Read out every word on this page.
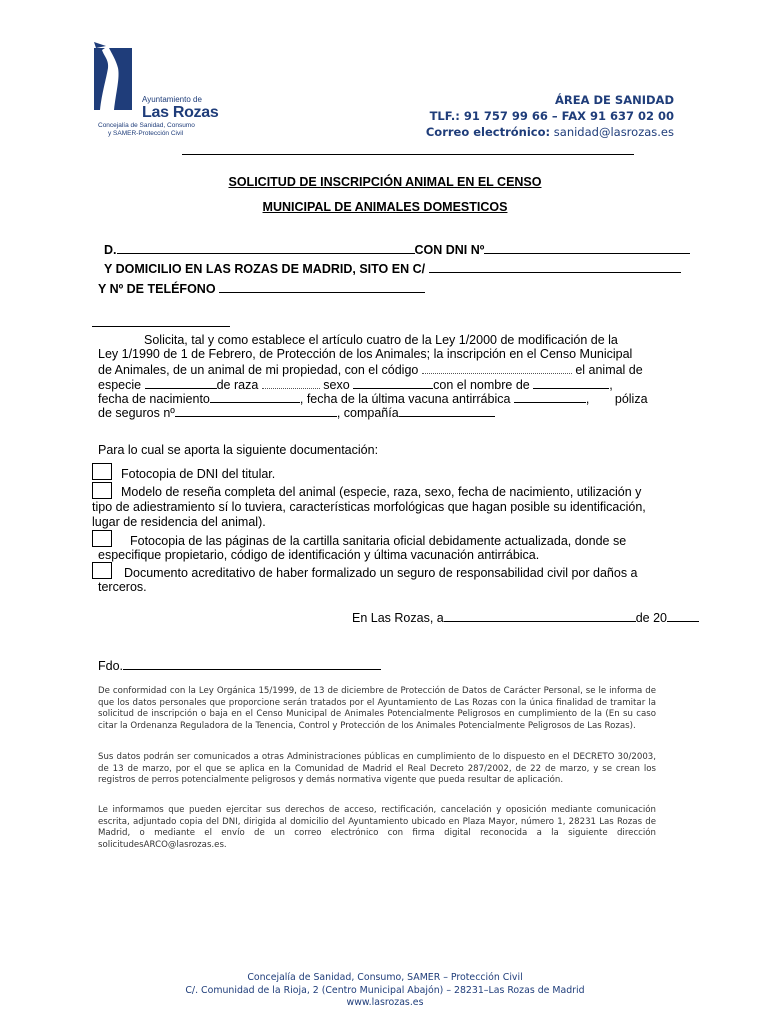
Ayuntamiento de
Las Rozas
Concejalía de Sanidad, Consumo
y SAMER-Protección Civil
ÁREA DE SANIDAD
TLF.: 91 757 99 66 – FAX 91 637 02 00
Correo electrónico: sanidad@lasrozas.es
SOLICITUD DE INSCRIPCIÓN ANIMAL EN EL CENSO
MUNICIPAL DE ANIMALES DOMESTICOS
D.	CON DNI Nº
Y DOMICILIO EN LAS ROZAS DE MADRID, SITO EN C/
Y Nº DE TELÉFONO
Solicita, tal y como establece el artículo cuatro de la Ley 1/2000 de modificación de la
Ley 1/1990 de 1 de Febrero, de Protección de los Animales; la inscripción en el Censo Municipal
de Animales, de un animal de mi propiedad, con el código	el animal de
especie	de raza	sexo	con el nombre de	,
fecha de nacimiento	, fecha de la última vacuna antirrábica	, póliza
de seguros nº	, compañía
Para lo cual se aporta la siguiente documentación:
Fotocopia de DNI del titular.
Modelo de reseña completa del animal (especie, raza, sexo, fecha de nacimiento, utilización y
tipo de adiestramiento sí lo tuviera, características morfológicas que hagan posible su identificación,
lugar de residencia del animal).
Fotocopia de las páginas de la cartilla sanitaria oficial debidamente actualizada, donde se
especifique propietario, código de identificación y última vacunación antirrábica.
Documento acreditativo de haber formalizado un seguro de responsabilidad civil por daños a
terceros.
En Las Rozas, a	de 20
Fdo.
De conformidad con la Ley Orgánica 15/1999, de 13 de diciembre de Protección de Datos de Carácter Personal, se le informa de que los datos personales que proporcione serán tratados por el Ayuntamiento de Las Rozas con la única finalidad de tramitar la solicitud de inscripción o baja en el Censo Municipal de Animales Potencialmente Peligrosos en cumplimiento de la (En su caso citar la Ordenanza Reguladora de la Tenencia, Control y Protección de los Animales Potencialmente Peligrosos de Las Rozas).
Sus datos podrán ser comunicados a otras Administraciones públicas en cumplimiento de lo dispuesto en el DECRETO 30/2003, de 13 de marzo, por el que se aplica en la Comunidad de Madrid el Real Decreto 287/2002, de 22 de marzo, y se crean los registros de perros potencialmente peligrosos y demás normativa vigente que pueda resultar de aplicación.
Le informamos que pueden ejercitar sus derechos de acceso, rectificación, cancelación y oposición mediante comunicación escrita, adjuntado copia del DNI, dirigida al domicilio del Ayuntamiento ubicado en Plaza Mayor, número 1, 28231 Las Rozas de Madrid, o mediante el envío de un correo electrónico con firma digital reconocida a la siguiente dirección solicitudesARCO@lasrozas.es.
Concejalía de Sanidad, Consumo, SAMER – Protección Civil
C/. Comunidad de la Rioja, 2 (Centro Municipal Abajón) – 28231–Las Rozas de Madrid
www.lasrozas.es
